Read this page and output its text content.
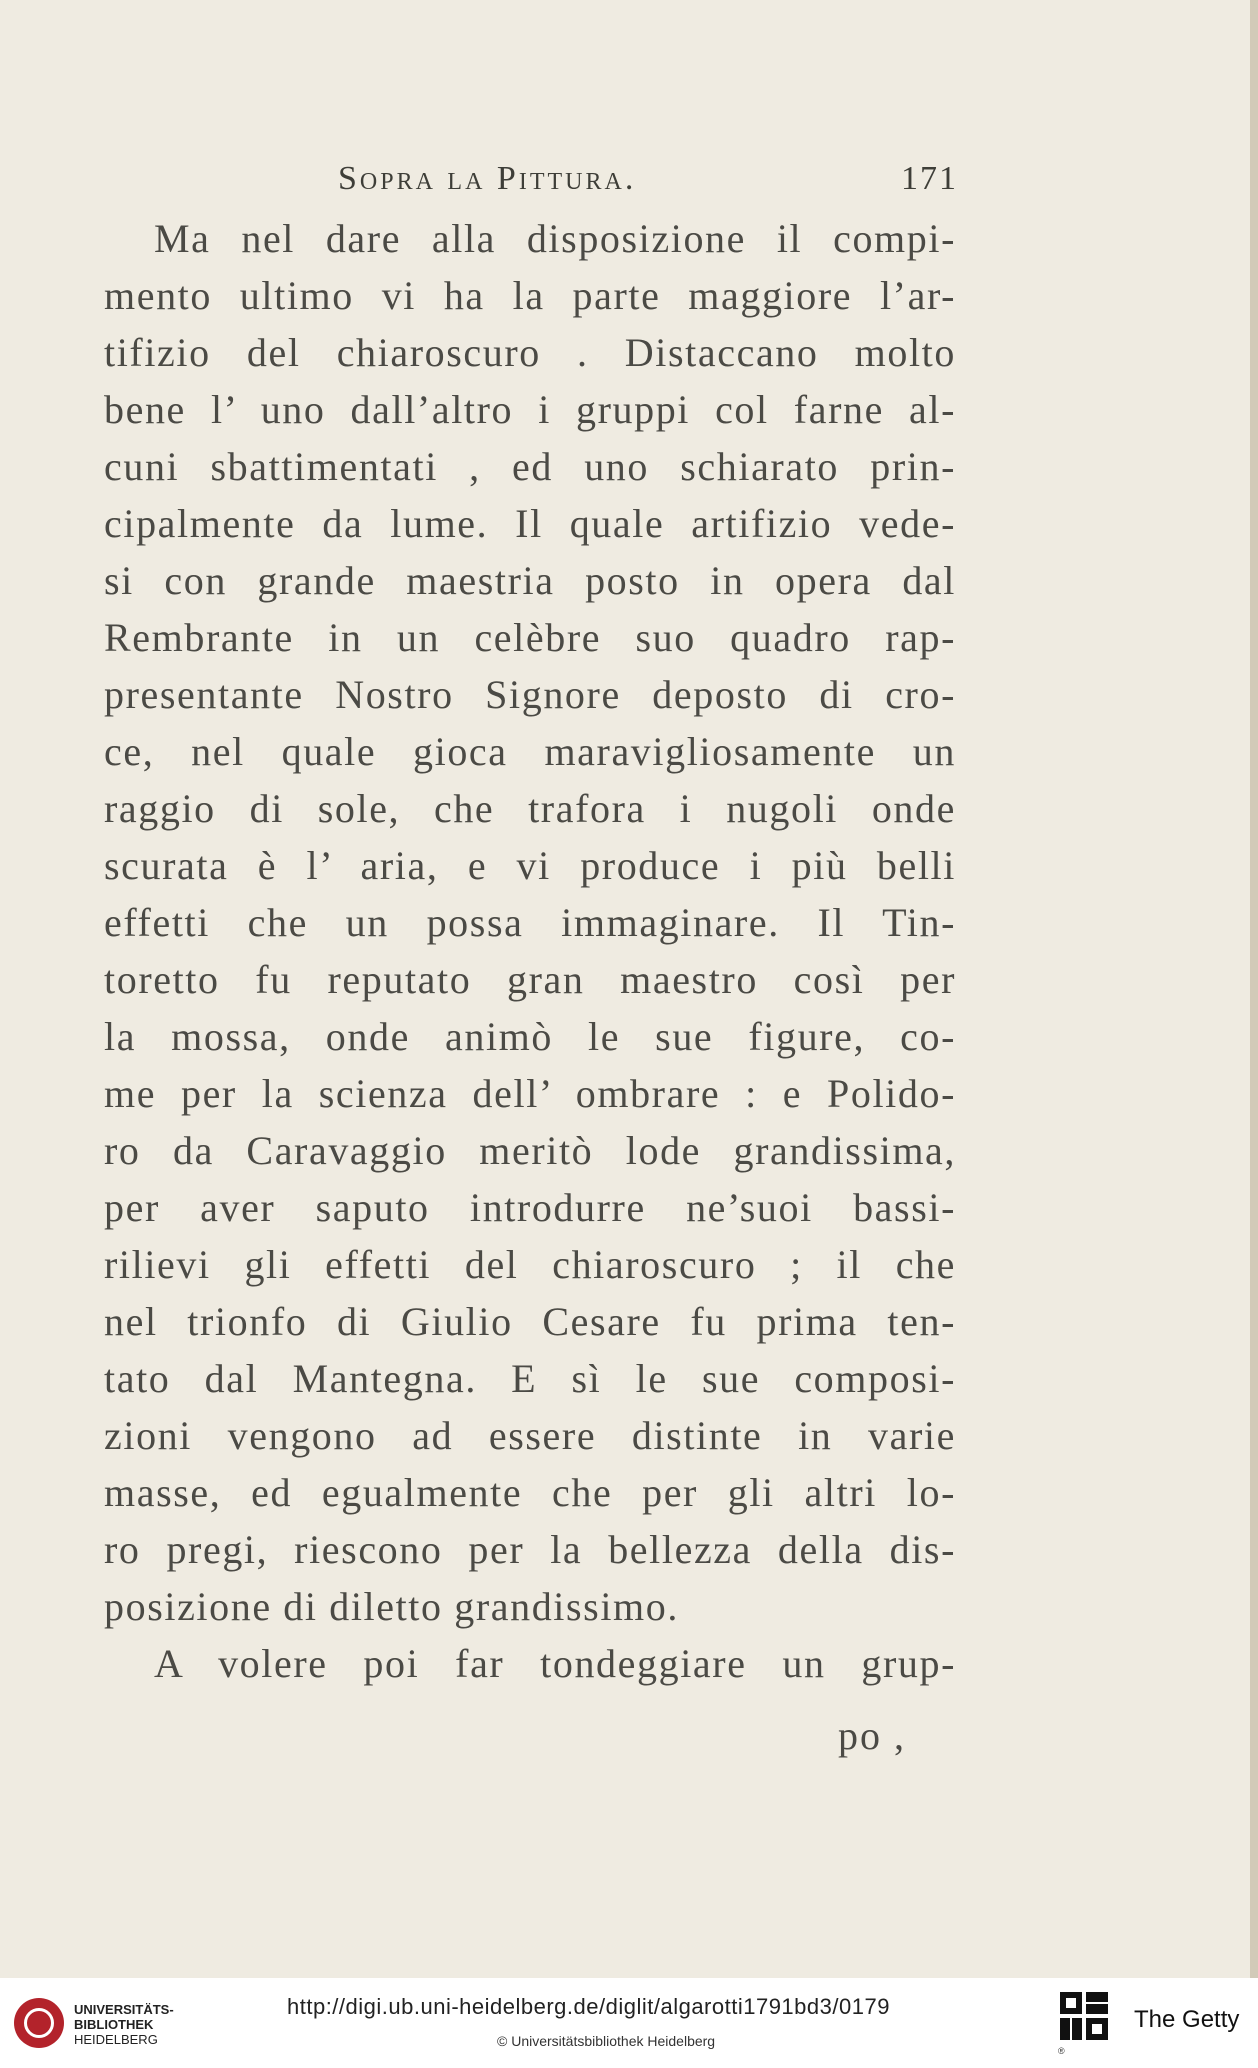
Sopra la Pittura.	171
Ma nel dare alla disposizione il compi-
mento ultimo vi ha la parte maggiore l’ar-
tifizio del chiaroscuro . Distaccano molto
bene l’ uno dall’altro i gruppi col farne al-
cuni sbattimentati , ed uno schiarato prin-
cipalmente da lume. Il quale artifizio vede-
si con grande maestria posto in opera dal
Rembrante in un celèbre suo quadro rap-
presentante Nostro Signore deposto di cro-
ce, nel quale gioca maravigliosamente un
raggio di sole, che trafora i nugoli onde
scurata è l’ aria, e vi produce i più belli
effetti che un possa immaginare. Il Tin-
toretto fu reputato gran maestro così per
la mossa, onde animò le sue figure, co-
me per la scienza dell’ ombrare : e Polido-
ro da Caravaggio meritò lode grandissima,
per aver saputo introdurre ne’suoi bassi-
rilievi gli effetti del chiaroscuro ; il che
nel trionfo di Giulio Cesare fu prima ten-
tato dal Mantegna. E sì le sue composi-
zioni vengono ad essere distinte in varie
masse, ed egualmente che per gli altri lo-
ro pregi, riescono per la bellezza della dis-
posizione di diletto grandissimo.
A volere poi far tondeggiare un grup-
po ,
UNIVERSITÄTS-
BIBLIOTHEK
HEIDELBERG
http://digi.ub.uni-heidelberg.de/diglit/algarotti1791bd3/0179
© Universitätsbibliothek Heidelberg
The Getty
®
